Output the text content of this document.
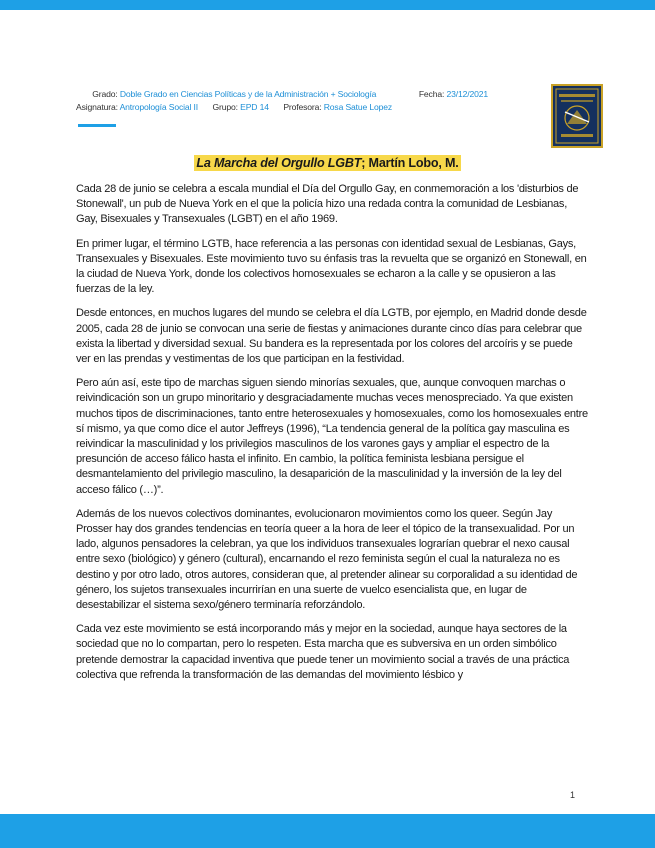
Grado: Doble Grado en Ciencias Políticas y de la Administración + Sociología	Fecha: 23/12/2021
Asignatura: Antropología Social II Grupo: EPD 14 Profesora: Rosa Satue Lopez
La Marcha del Orgullo LGBT; Martín Lobo, M.

Cada 28 de junio se celebra a escala mundial el Día del Orgullo Gay, en conmemoración a los 'disturbios de Stonewall', un pub de Nueva York en el que la policía hizo una redada contra la comunidad de Lesbianas, Gay, Bisexuales y Transexuales (LGBT) en el año 1969.

En primer lugar, el término LGTB, hace referencia a las personas con identidad sexual de Lesbianas, Gays, Transexuales y Bisexuales. Este movimiento tuvo su énfasis tras la revuelta que se organizó en Stonewall, en la ciudad de Nueva York, donde los colectivos homosexuales se echaron a la calle y se opusieron a las fuerzas de la ley.

Desde entonces, en muchos lugares del mundo se celebra el día LGTB, por ejemplo, en Madrid donde desde 2005, cada 28 de junio se convocan una serie de fiestas y animaciones durante cinco días para celebrar que exista la libertad y diversidad sexual. Su bandera es la representada por los colores del arcoíris y se puede ver en las prendas y vestimentas de los que participan en la festividad.

Pero aún así, este tipo de marchas siguen siendo minorías sexuales, que, aunque convoquen marchas o reivindicación son un grupo minoritario y desgraciadamente muchas veces menospreciado. Ya que existen muchos tipos de discriminaciones, tanto entre heterosexuales y homosexuales, como los homosexuales entre sí mismo, ya que como dice el autor Jeffreys (1996), “La tendencia general de la política gay masculina es reivindicar la masculinidad y los privilegios masculinos de los varones gays y ampliar el espectro de la presunción de acceso fálico hasta el infinito. En cambio, la política feminista lesbiana persigue el desmantelamiento del privilegio masculino, la desaparición de la masculinidad y la inversión de la ley del acceso fálico (…)”.

Además de los nuevos colectivos dominantes, evolucionaron movimientos como los queer. Según Jay Prosser hay dos grandes tendencias en teoría queer a la hora de leer el tópico de la transexualidad. Por un lado, algunos pensadores la celebran, ya que los individuos transexuales lograrían quebrar el nexo causal entre sexo (biológico) y género (cultural), encarnando el rezo feminista según el cual la naturaleza no es destino y por otro lado, otros autores, consideran que, al pretender alinear su corporalidad a su identidad de género, los sujetos transexuales incurrirían en una suerte de vuelco esencialista que, en lugar de desestabilizar el sistema sexo/género terminaría reforzándolo.

Cada vez este movimiento se está incorporando más y mejor en la sociedad, aunque haya sectores de la sociedad que no lo compartan, pero lo respeten. Esta marcha que es subversiva en un orden simbólico pretende demostrar la capacidad inventiva que puede tener un movimiento social a través de una práctica colectiva que refrenda la transformación de las demandas del movimiento lésbico y

1
